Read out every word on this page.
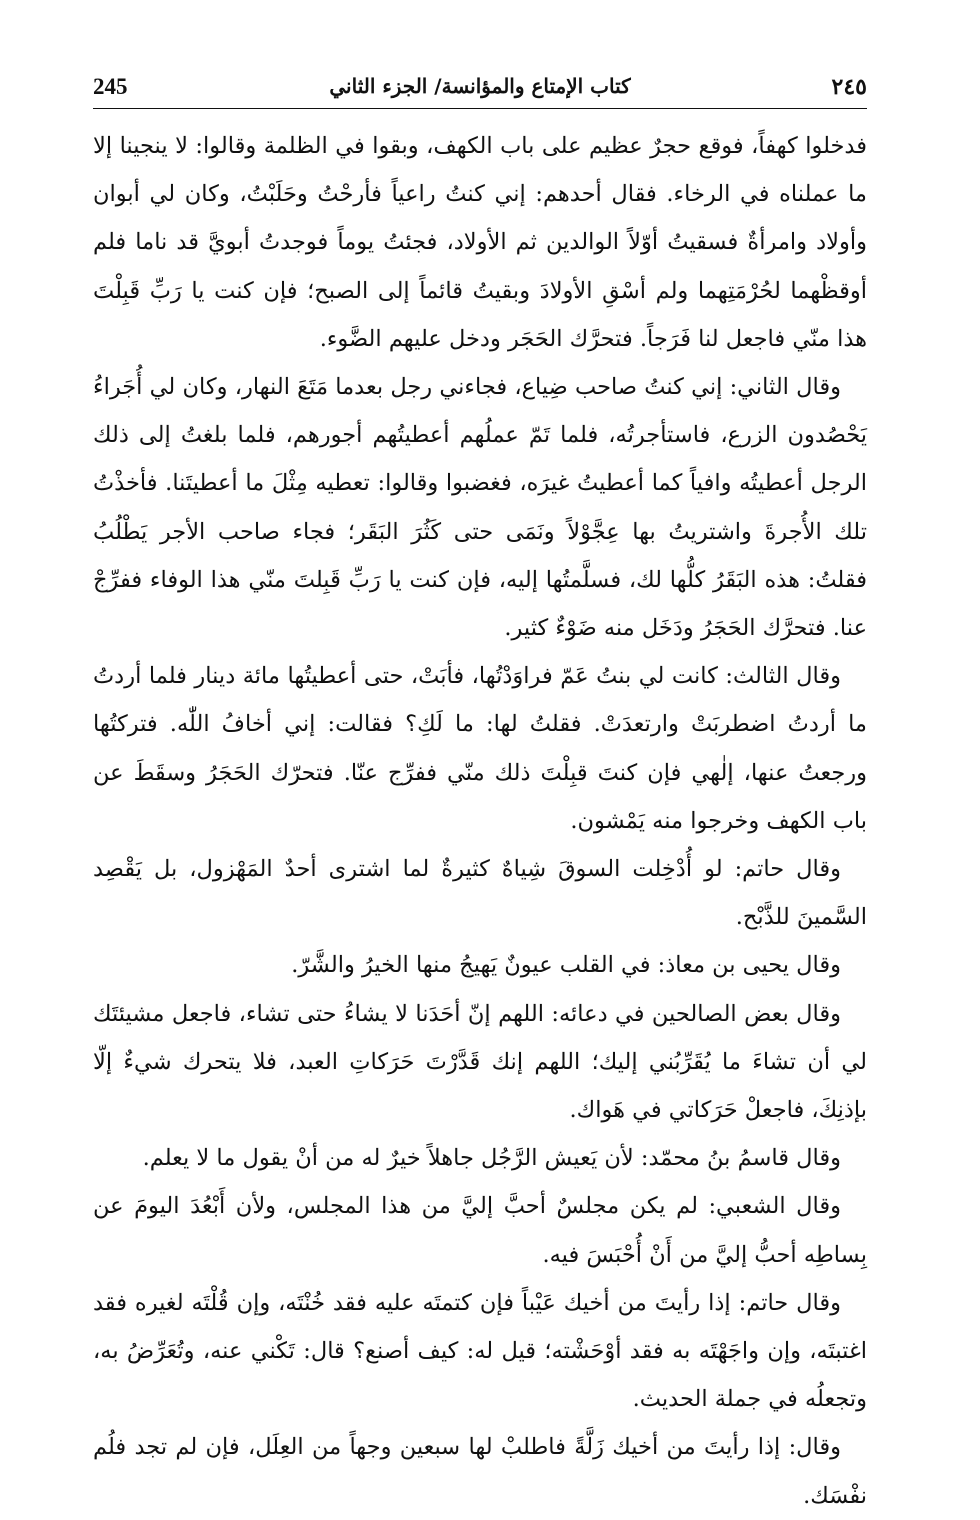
245	كتاب الإمتاع والمؤانسة/ الجزء الثاني	٢٤٥

فدخلوا كهفاً، فوقع حجرٌ عظيم على باب الكهف، وبقوا في الظلمة وقالوا: لا ينجينا إلا ما عملناه في الرخاء. فقال أحدهم: إني كنتُ راعياً فأرحْتُ وحَلَبْتُ، وكان لي أبوان وأولاد وامرأةٌ فسقيتُ أوّلاً الوالدين ثم الأولاد، فجئتُ يوماً فوجدتُ أبويَّ قد ناما فلم أوقظْهما لحُرْمَتِهما ولم أسْقِ الأولادَ وبقيتُ قائماً إلى الصبح؛ فإن كنت يا رَبِّ قَبِلْتَ هذا منّي فاجعل لنا فَرَجاً. فتحرَّك الحَجَر ودخل عليهم الضَّوء.

وقال الثاني: إني كنتُ صاحب ضِياع، فجاءني رجل بعدما مَتَعَ النهار، وكان لي أُجَراءُ يَحْصُدون الزرع، فاستأجرتُه، فلما تَمّ عملُهم أعطيتُهم أجورهم، فلما بلغتُ إلى ذلك الرجل أعطيتُه وافياً كما أعطيتُ غيرَه، فغضبوا وقالوا: تعطيه مِثْلَ ما أعطيتَنا. فأخذْتُ تلك الأُجرةَ واشتريتُ بها عِجَّوْلاً ونَمَى حتى كَثُرَ البَقَر؛ فجاء صاحب الأجر يَطْلُبُ فقلتُ: هذه البَقَرُ كلُّها لك، فسلَّمتُها إليه، فإن كنت يا رَبِّ قَبِلتَ منّي هذا الوفاء ففرِّجْ عنا. فتحرَّك الحَجَرُ ودَخَل منه ضَوْءٌ كثير.

وقال الثالث: كانت لي بنتُ عَمّ فراوَدْتُها، فأبَتْ، حتى أعطيتُها مائة دينار فلما أردتُ ما أردتُ اضطربَتْ وارتعدَتْ. فقلتُ لها: ما لَكِ؟ فقالت: إني أخافُ اللّٰه. فتركتُها ورجعتُ عنها، إلٰهي فإن كنتَ قبِلْتَ ذلك منّي ففرِّج عنّا. فتحرّك الحَجَرُ وسقَطَ عن باب الكهف وخرجوا منه يَمْشون.

وقال حاتم: لو أُدْخِلت السوقَ شِياهٌ كثيرةٌ لما اشترى أحدٌ المَهْزول، بل يَقْصِد السَّمينَ للذَّبْح.

وقال يحيى بن معاذ: في القلب عيونٌ يَهيجُ منها الخيرُ والشَّرّ.

وقال بعض الصالحين في دعائه: اللهم إنّ أحَدَنا لا يشاءُ حتى تشاء، فاجعل مشيئتَك لي أن تشاءَ ما يُقَرِّبُني إليك؛ اللهم إنك قَدَّرْتَ حَرَكاتِ العبد، فلا يتحرك شيءٌ إلّا بإذنِكَ، فاجعلْ حَرَكاتي في هَواك.

وقال قاسمُ بنُ محمّد: لأن يَعيش الرَّجُل جاهلاً خيرٌ له من أنْ يقول ما لا يعلم.

وقال الشعبي: لم يكن مجلسٌ أحبَّ إليَّ من هذا المجلس، ولأن أَبْعُدَ اليومَ عن بِساطِه أحبُّ إليَّ من أَنْ أُحْبَسَ فيه.

وقال حاتم: إذا رأيتَ من أخيك عَيْباً فإن كتمتَه عليه فقد خُنْتَه، وإن قُلْتَه لغيره فقد اغتبتَه، وإن واجَهْتَه به فقد أوْحَشْته؛ قيل له: كيف أصنع؟ قال: تَكْني عنه، وتُعَرِّضُ به، وتجعلُه في جملة الحديث.

وقال: إذا رأيتَ من أخيك زَلَّةً فاطلبْ لها سبعين وجهاً من العِلَل، فإن لم تجد فلُم نفْسَك.
